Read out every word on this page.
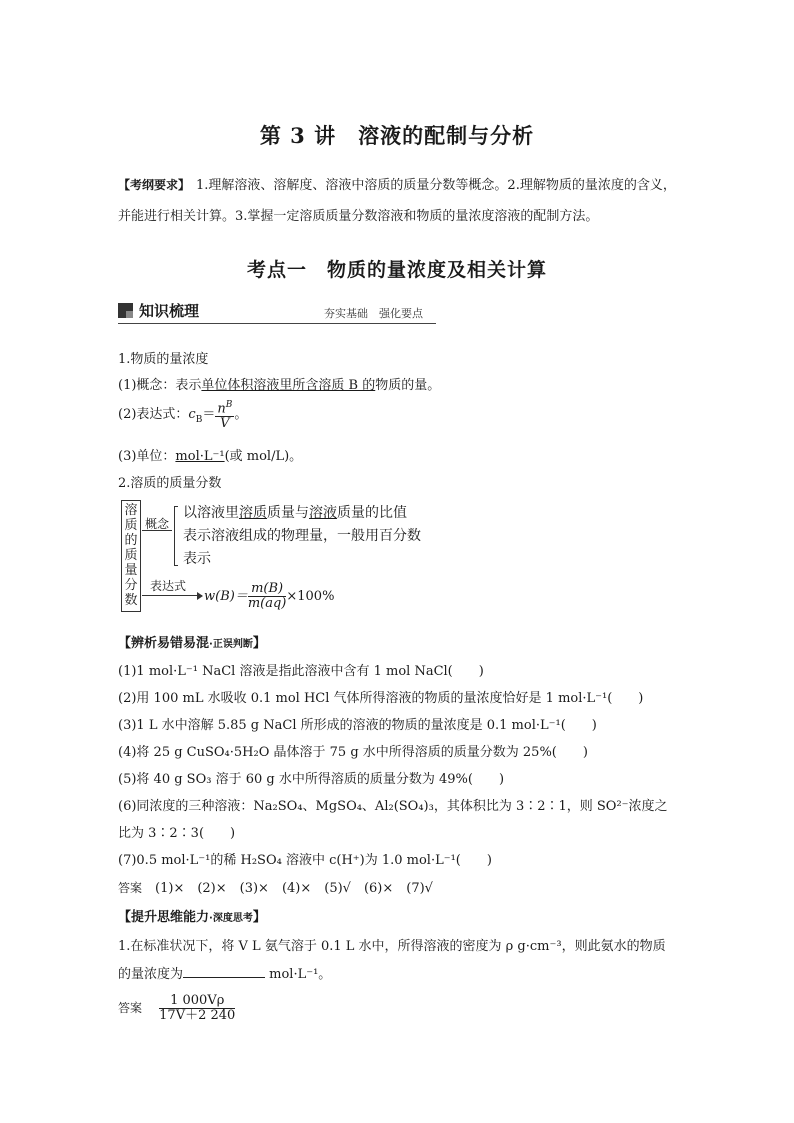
第 3 讲　溶液的配制与分析
【考纲要求】 1.理解溶液、溶解度、溶液中溶质的质量分数等概念。2.理解物质的量浓度的含义，并能进行相关计算。3.掌握一定溶质质量分数溶液和物质的量浓度溶液的配制方法。
考点一　物质的量浓度及相关计算
知识梳理	夯实基础　强化要点
1.物质的量浓度
(1)概念：表示单位体积溶液里所含溶质 B 的物质的量。
(2)表达式：$c_B= \frac{n^B}{V}$ 。
(3)单位：mol·L⁻¹(或 mol/L)。
2.溶质的质量分数
溶质的质量分数
概念
以溶液里溶质质量与溶液质量的比值
表示溶液组成的物理量，一般用百分数
表示
表达式
$w(B)= \frac{m(B)}{m(aq)} \times 100\%$
【辨析易错易混·正误判断】
(1)1 mol·L⁻¹ NaCl 溶液是指此溶液中含有 1 mol NaCl(　　)
(2)用 100 mL 水吸收 0.1 mol HCl 气体所得溶液的物质的量浓度恰好是 1 mol·L⁻¹(　　)
(3)1 L 水中溶解 5.85 g NaCl 所形成的溶液的物质的量浓度是 0.1 mol·L⁻¹(　　)
(4)将 25 g CuSO₄·5H₂O 晶体溶于 75 g 水中所得溶质的质量分数为 25%(　　)
(5)将 40 g SO₃ 溶于 60 g 水中所得溶质的质量分数为 49%(　　)
(6)同浓度的三种溶液：Na₂SO₄、MgSO₄、Al₂(SO₄)₃，其体积比为 3∶2∶1，则 SO²⁻浓度之
比为 3∶2∶3(　　)
(7)0.5 mol·L⁻¹的稀 H₂SO₄ 溶液中 c(H⁺)为 1.0 mol·L⁻¹(　　)
答案　 (1)×　(2)×　(3)×　(4)×　(5)√　(6)×　(7)√
【提升思维能力·深度思考】
1.在标准状况下，将 V L 氨气溶于 0.1 L 水中，所得溶液的密度为 ρ g·cm⁻³，则此氨水的物质
的量浓度为	mol·L⁻¹。
答案　 $\frac{1 000V\rho}{17V+2 240}$
